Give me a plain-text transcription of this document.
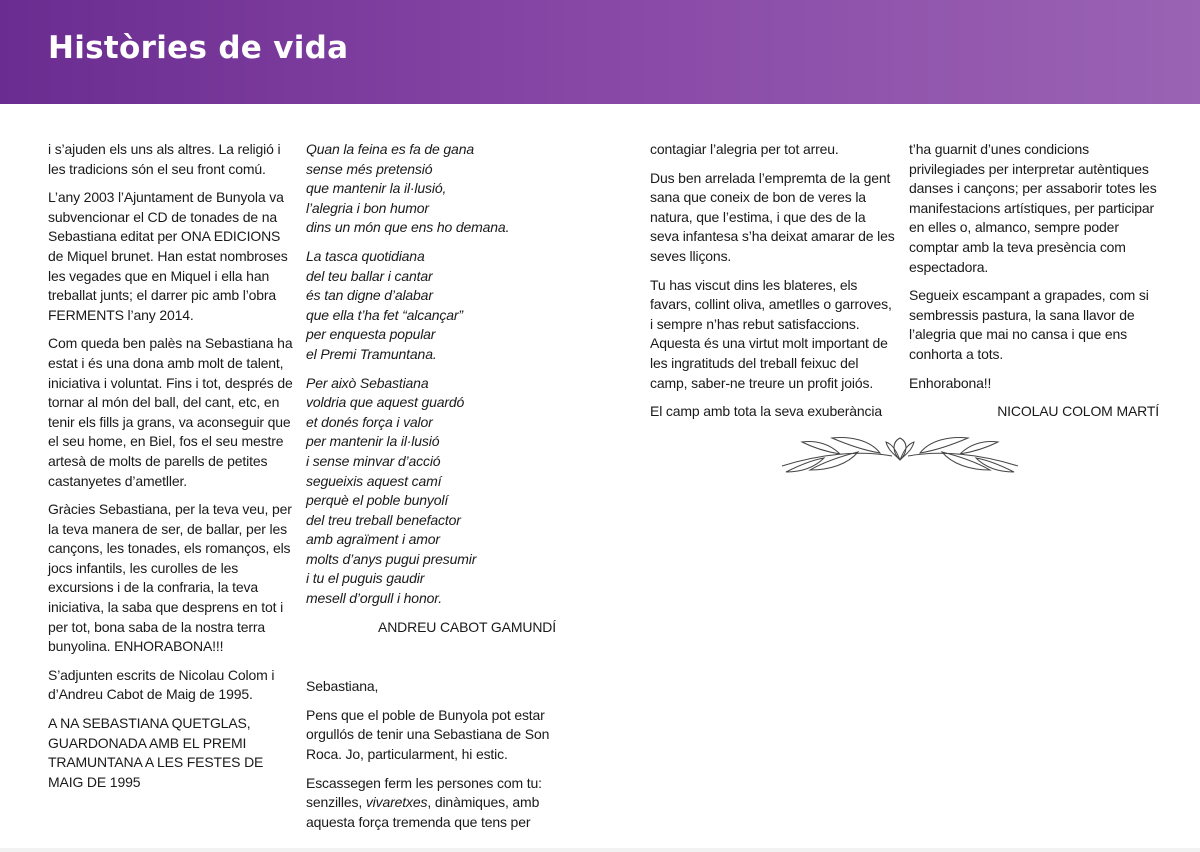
Històries de vida

i s’ajuden els uns als altres. La religió i les tradicions són el seu front comú.

L’any 2003 l’Ajuntament de Bunyola va subvencionar el CD de tonades de na Sebastiana editat per ONA EDICIONS de Miquel brunet. Han estat nombroses les vegades que en Miquel i ella han treballat junts; el darrer pic amb l’obra FERMENTS l’any 2014.

Com queda ben palès na Sebastiana ha estat i és una dona amb molt de talent, iniciativa i voluntat. Fins i tot, després de tornar al món del ball, del cant, etc, en tenir els fills ja grans, va aconseguir que el seu home, en Biel, fos el seu mestre artesà de molts de parells de petites castanyetes d’ametller.

Gràcies Sebastiana, per la teva veu, per la teva manera de ser, de ballar, per les cançons, les tonades, els romanços, els jocs infantils, les curolles de les excursions i de la confraria, la teva iniciativa, la saba que desprens en tot i per tot, bona saba de la nostra terra bunyolina. ENHORABONA!!!

S’adjunten escrits de Nicolau Colom i d’Andreu Cabot de Maig de 1995.

A NA SEBASTIANA QUETGLAS, GUARDONADA AMB EL PREMI TRAMUNTANA A LES FESTES DE MAIG DE 1995

Quan la feina es fa de gana
sense més pretensió
que mantenir la il·lusió,
l’alegria i bon humor
dins un món que ens ho demana.

La tasca quotidiana
del teu ballar i cantar
és tan digne d’alabar
que ella t’ha fet “alcançar”
per enquesta popular
el Premi Tramuntana.

Per això Sebastiana
voldria que aquest guardó
et donés força i valor
per mantenir la il·lusió
i sense minvar d’acció
segueixis aquest camí
perquè el poble bunyolí
del treu treball benefactor
amb agraïment i amor
molts d’anys pugui presumir
i tu el puguis gaudir
mesell d’orgull i honor.

ANDREU CABOT GAMUNDÍ

Sebastiana,

Pens que el poble de Bunyola pot estar orgullós de tenir una Sebastiana de Son Roca. Jo, particularment, hi estic.

Escassegen ferm les persones com tu: senzilles, vivaretxes, dinàmiques, amb aquesta força tremenda que tens per

contagiar l’alegria per tot arreu.

Dus ben arrelada l’empremta de la gent sana que coneix de bon de veres la natura, que l’estima, i que des de la seva infantesa s’ha deixat amarar de les seves lliçons.

Tu has viscut dins les blateres, els favars, collint oliva, ametlles o garroves, i sempre n’has rebut satisfaccions. Aquesta és una virtut molt important de les ingratituds del treball feixuc del camp, saber-ne treure un profit joiós.

El camp amb tota la seva exuberància

t’ha guarnit d’unes condicions privilegiades per interpretar autèntiques danses i cançons; per assaborir totes les manifestacions artístiques, per participar en elles o, almanco, sempre poder comptar amb la teva presència com espectadora.

Segueix escampant a grapades, com si sembressis pastura, la sana llavor de l’alegria que mai no cansa i que ens conhorta a tots.

Enhorabona!!

NICOLAU COLOM MARTÍ
